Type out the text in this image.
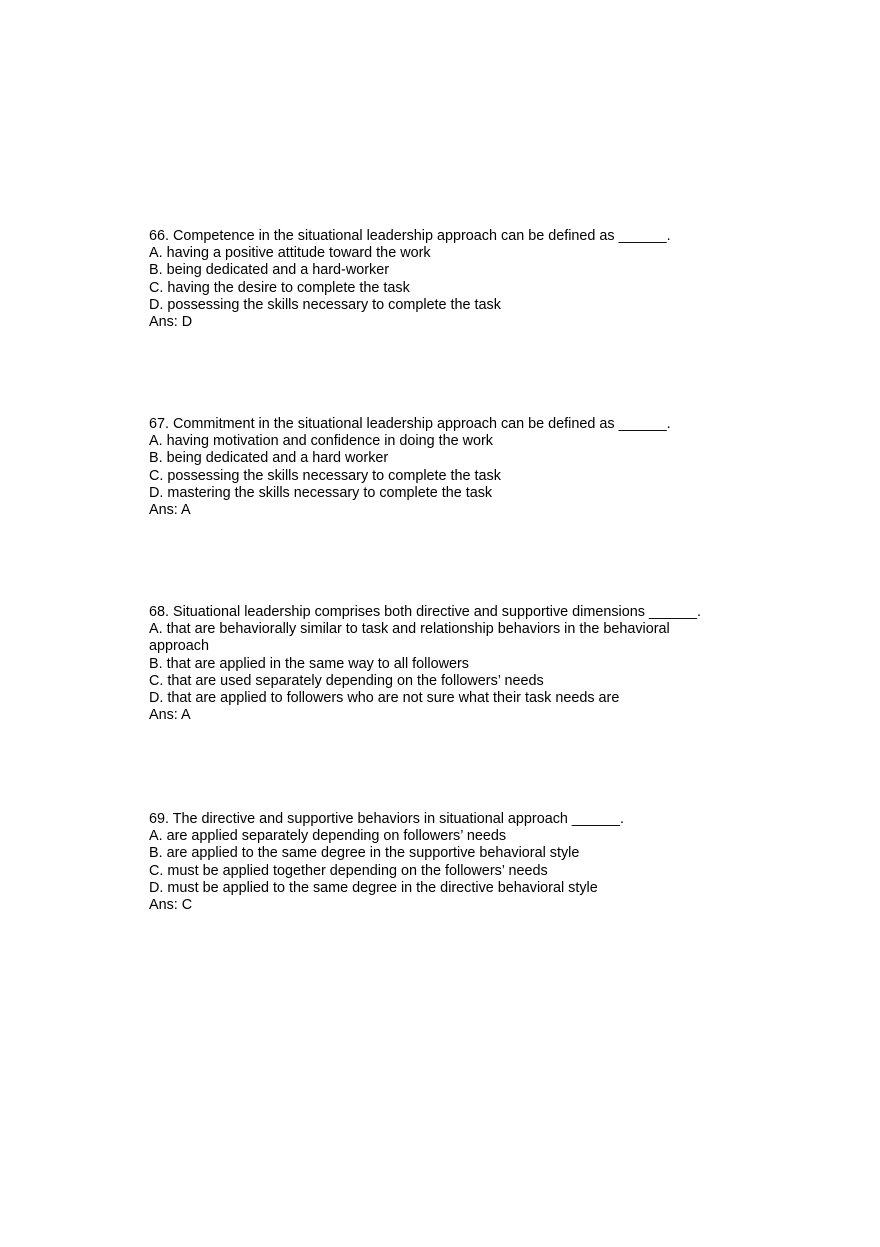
66. Competence in the situational leadership approach can be defined as ______.

A. having a positive attitude toward the work

B. being dedicated and a hard-worker

C. having the desire to complete the task

D. possessing the skills necessary to complete the task

Ans: D

67. Commitment in the situational leadership approach can be defined as ______.

A. having motivation and confidence in doing the work

B. being dedicated and a hard worker

C. possessing the skills necessary to complete the task

D. mastering the skills necessary to complete the task

Ans: A

68. Situational leadership comprises both directive and supportive dimensions ______.

A. that are behaviorally similar to task and relationship behaviors in the behavioral approach

B. that are applied in the same way to all followers

C. that are used separately depending on the followers’ needs

D. that are applied to followers who are not sure what their task needs are

Ans: A

69. The directive and supportive behaviors in situational approach ______.

A. are applied separately depending on followers’ needs

B. are applied to the same degree in the supportive behavioral style

C. must be applied together depending on the followers’ needs

D. must be applied to the same degree in the directive behavioral style

Ans: C
